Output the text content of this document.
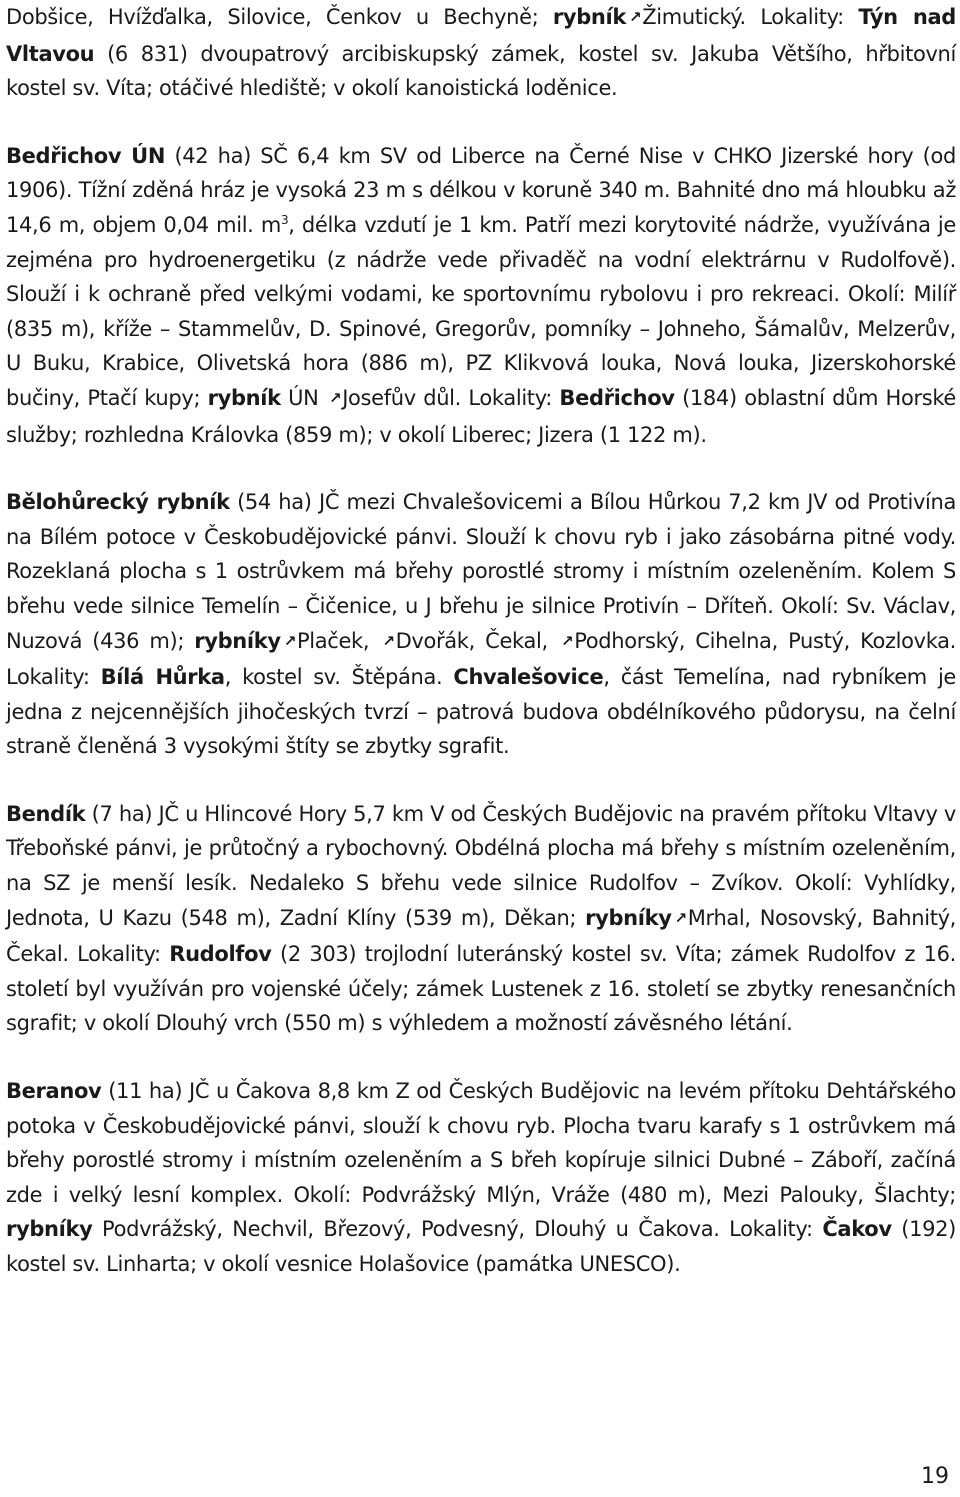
Dobšice, Hvížďalka, Silovice, Čenkov u Bechyně; rybník ↗Žimutický. Lokality: Týn nad Vltavou (6 831) dvoupatrový arcibiskupský zámek, kostel sv. Jakuba Většího, hřbitovní kostel sv. Víta; otáčivé hlediště; v okolí kanoistická loděnice.

Bedřichov ÚN (42 ha) SČ 6,4 km SV od Liberce na Černé Nise v CHKO Jizerské hory (od 1906). Tížní zděná hráz je vysoká 23 m s délkou v koruně 340 m. Bahnité dno má hloubku až 14,6 m, objem 0,04 mil. $m^3$, délka vzdutí je 1 km. Patří mezi korytovité nádrže, využívána je zejména pro hydroenergetiku (z nádrže vede přivaděč na vodní elektrárnu v Rudolfově). Slouží i k ochraně před velkými vodami, ke sportovnímu rybolovu i pro rekreaci. Okolí: Milíř (835 m), kříže – Stammelův, D. Spinové, Gregorův, pomníky – Johneho, Šámalův, Melzerův, U Buku, Krabice, Olivetská hora (886 m), PZ Klikvová louka, Nová louka, Jizerskohorské bučiny, Ptačí kupy; rybník ÚN ↗Josefův důl. Lokality: Bedřichov (184) oblastní dům Horské služby; rozhledna Královka (859 m); v okolí Liberec; Jizera (1 122 m).

Bělohůrecký rybník (54 ha) JČ mezi Chvalešovicemi a Bílou Hůrkou 7,2 km JV od Protivína na Bílém potoce v Českobudějovické pánvi. Slouží k chovu ryb i jako zásobárna pitné vody. Rozeklaná plocha s 1 ostrůvkem má břehy porostlé stromy i místním ozeleněním. Kolem S břehu vede silnice Temelín – Čičenice, u J břehu je silnice Protivín – Dříteň. Okolí: Sv. Václav, Nuzová (436 m); rybníky ↗Plaček, ↗Dvořák, Čekal, ↗Podhorský, Cihelna, Pustý, Kozlovka. Lokality: Bílá Hůrka, kostel sv. Štěpána. Chvalešovice, část Temelína, nad rybníkem je jedna z nejcennějších jihočeských tvrzí – patrová budova obdélníkového půdorysu, na čelní straně členěná 3 vysokými štíty se zbytky sgrafit.

Bendík (7 ha) JČ u Hlincové Hory 5,7 km V od Českých Budějovic na pravém přítoku Vltavy v Třeboňské pánvi, je průtočný a rybochovný. Obdélná plocha má břehy s místním ozeleněním, na SZ je menší lesík. Nedaleko S břehu vede silnice Rudolfov – Zvíkov. Okolí: Vyhlídky, Jednota, U Kazu (548 m), Zadní Klíny (539 m), Děkan; rybníky ↗Mrhal, Nosovský, Bahnitý, Čekal. Lokality: Rudolfov (2 303) trojlodní luteránský kostel sv. Víta; zámek Rudolfov z 16. století byl využíván pro vojenské účely; zámek Lustenek z 16. století se zbytky renesančních sgrafit; v okolí Dlouhý vrch (550 m) s výhledem a možností závěsného létání.

Beranov (11 ha) JČ u Čakova 8,8 km Z od Českých Budějovic na levém přítoku Dehtářského potoka v Českobudějovické pánvi, slouží k chovu ryb. Plocha tvaru karafy s 1 ostrůvkem má břehy porostlé stromy i místním ozeleněním a S břeh kopíruje silnici Dubné – Záboří, začíná zde i velký lesní komplex. Okolí: Podvrážský Mlýn, Vráže (480 m), Mezi Palouky, Šlachty; rybníky Podvrážský, Nechvil, Březový, Podvesný, Dlouhý u Čakova. Lokality: Čakov (192) kostel sv. Linharta; v okolí vesnice Holašovice (památka UNESCO).

19
